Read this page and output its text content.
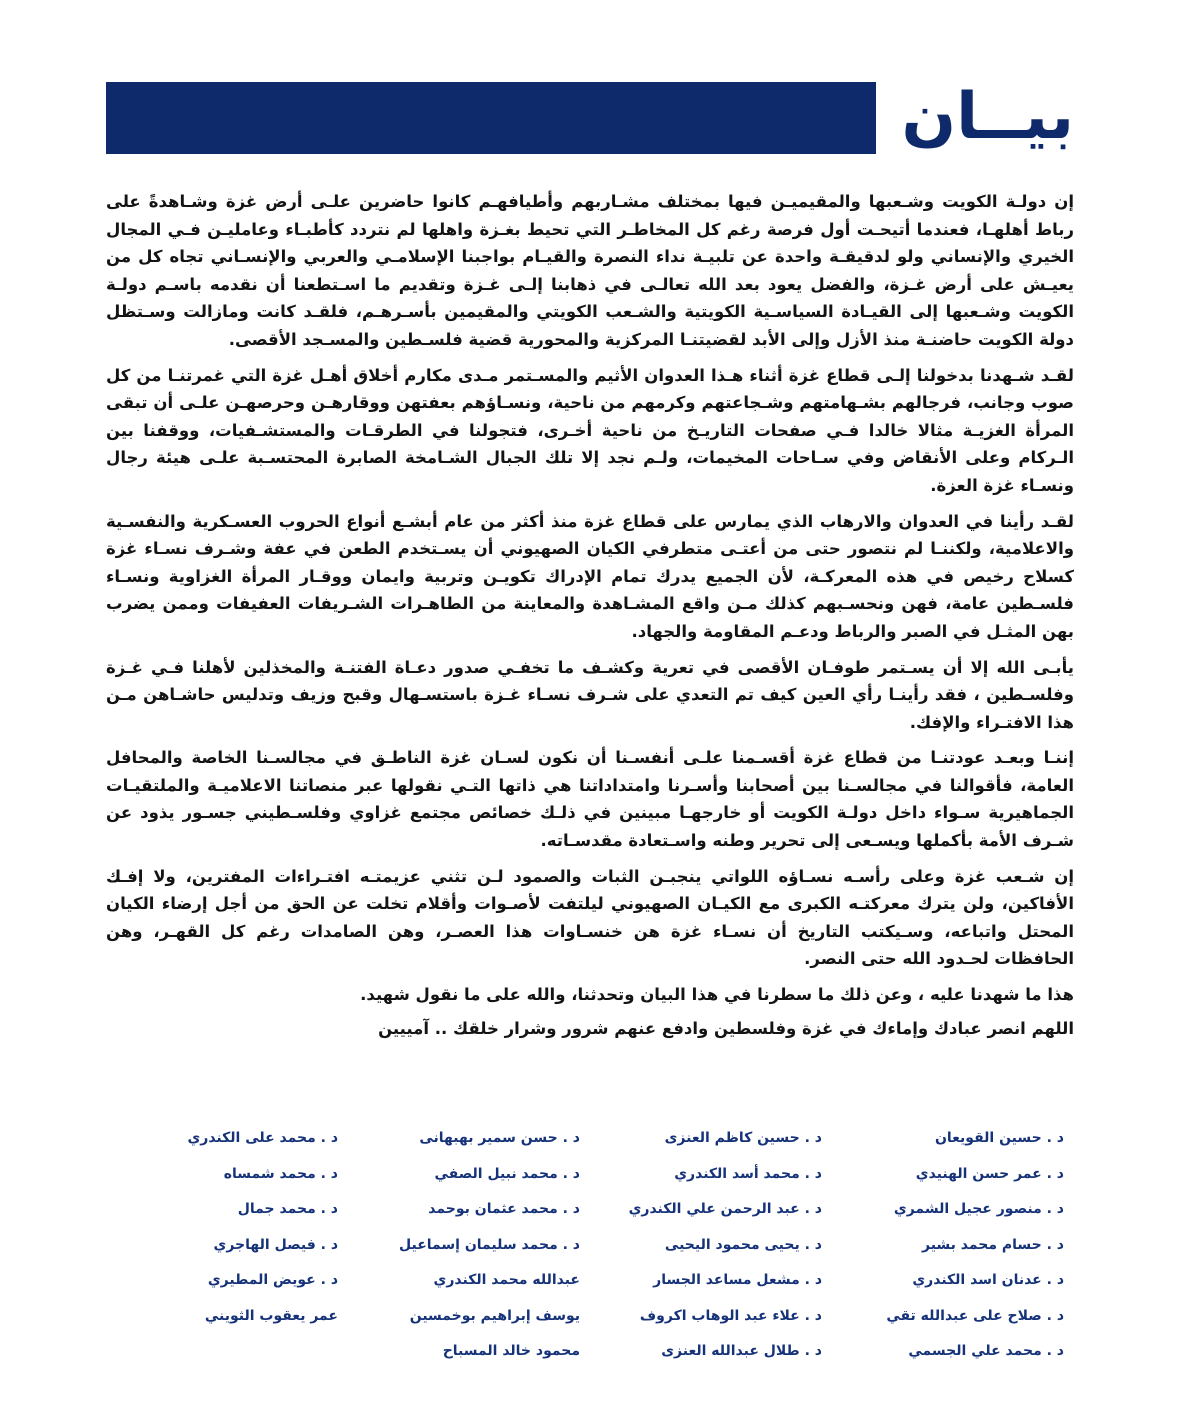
بيــان

إن دولـة الكويت وشـعبها والمقيميـن فيها بمختلف مشـاربهم وأطيافهـم كانوا حاضرين علـى أرض غزة وشـاهدةً على رباط أهلهـا، فعندما أتيحـت أول فرصة رغم كل المخاطـر التي تحيط بغـزة واهلها لم نتردد كأطبـاء وعامليـن فـي المجال الخيري والإنساني ولو لدقيقـة واحدة عن تلبيـة نداء النصرة والقيـام بواجبنا الإسلامـي والعربي والإنسـاني تجاه كل من يعيـش على أرض غـزة، والفضل يعود بعد الله تعالـى في ذهابنا إلـى غـزة وتقديم ما اسـتطعنا أن نقدمه باسـم دولـة الكويت وشـعبها إلى القيـادة السياسـية الكويتية والشـعب الكويتي والمقيمين بأسـرهـم، فلقـد كانت ومازالت وسـتظل دولة الكويت حاضنـة منذ الأزل وإلى الأبد لقضيتنـا المركزية والمحورية قضية فلسـطين والمسـجد الأقصى.

لقـد شـهدنا بدخولنا إلـى قطاع غزة أثناء هـذا العدوان الأثيم والمسـتمر مـدى مكارم أخلاق أهـل غزة التي غمرتنـا من كل صوب وجانب، فرجالهم بشـهامتهم وشـجاعتهم وكرمهم من ناحية، ونسـاؤهم بعفتهن ووقارهـن وحرصهـن علـى أن تبقى المرأة الغزيـة مثالا خالدا فـي صفحات التاريـخ من ناحية أخـرى، فتجولنا في الطرقـات والمستشـفيات، ووقفنا بين الـركام وعلى الأنقاض وفي سـاحات المخيمات، ولـم نجد إلا تلك الجبال الشـامخة الصابرة المحتسـبة علـى هيئة رجال ونسـاء غزة العزة.

لقـد رأينا في العدوان والارهاب الذي يمارس على قطاع غزة منذ أكثر من عام أبشـع أنواع الحروب العسـكرية والنفسـية والاعلامية، ولكننـا لم نتصور حتى من أعتـى متطرفي الكيان الصهيوني أن يسـتخدم الطعن في عفة وشـرف نسـاء غزة كسلاح رخيص في هذه المعركـة، لأن الجميع يدرك تمام الإدراك تكويـن وتربية وايمان ووقـار المرأة الغزاوية ونسـاء فلسـطين عامة، فهن ونحسـبهم كذلك مـن واقع المشـاهدة والمعاينة من الطاهـرات الشـريفات العفيفات وممن يضرب بهن المثـل في الصبر والرباط ودعـم المقاومة والجهاد.

يأبـى الله إلا أن يسـتمر طوفـان الأقصى في تعرية وكشـف ما تخفـي صدور دعـاة الفتنـة والمخذلين لأهلنا فـي غـزة وفلسـطين ، فقد رأينـا رأي العين كيف تم التعدي على شـرف نسـاء غـزة باستسـهال وقبح وزيف وتدليس حاشـاهن مـن هذا الافتـراء والإفك.

إننـا وبعـد عودتنـا من قطاع غزة أقسـمنا علـى أنفسـنا أن نكون لسـان غزة الناطـق في مجالسـنا الخاصة والمحافل العامة، فأقوالنا في مجالسـنا بين أصحابنا وأسـرنا وامتداداتنا هي ذاتها التـي نقولها عبر منصاتنا الاعلاميـة والملتقيـات الجماهيرية سـواء داخل دولـة الكويت أو خارجهـا مبينين في ذلـك خصائص مجتمع غزاوي وفلسـطيني جسـور يذود عن شـرف الأمة بأكملها ويسـعى إلى تحرير وطنه واسـتعادة مقدسـاته.

إن شـعب غزة وعلى رأسـه نسـاؤه اللواتي ينجبـن الثبات والصمود لـن تثني عزيمتـه افتـراءات المفترين، ولا إفـك الأفاكين، ولن يترك معركتـه الكبرى مع الكيـان الصهيوني ليلتفت لأصـوات وأقلام تخلت عن الحق من أجل إرضاء الكيان المحتل واتباعه، وسـيكتب التاريخ أن نسـاء غزة هن خنسـاوات هذا العصـر، وهن الصامدات رغم كل القهـر، وهن الحافظات لحـدود الله حتى النصر.

هذا ما شهدنا عليه ، وعن ذلك ما سطرنا في هذا البيان وتحدثنا، والله على ما نقول شهيد.

اللهم انصر عبادك وإماءك في غزة وفلسطين وادفع عنهم شرور وشرار خلقك .. آمييين

د . حسين القويعان
د . حسين كاظم العنزى
د . حسن سمير بهبهانى
د . محمد على الكندري
د . عمر حسن الهنيدي
د . محمد أسد الكندري
د . محمد نبيل الصفي
د . محمد شمساه
د . منصور عجيل الشمري
د . عبد الرحمن علي الكندري
د . محمد عثمان بوحمد
د . محمد جمال
د . حسام محمد بشير
د . يحيى محمود اليحيى
د . محمد سليمان إسماعيل
د . فيصل الهاجري
د . عدنان اسد الكندري
د . مشعل مساعد الجسار
عبدالله محمد الكندري
د . عويض المطيري
د . صلاح على عبدالله تقي
د . علاء عبد الوهاب اكروف
يوسف إبراهيم بوخمسين
عمر يعقوب الثويني
د . محمد علي الجسمي
د . طلال عبدالله العنزى
محمود خالد المسباح
